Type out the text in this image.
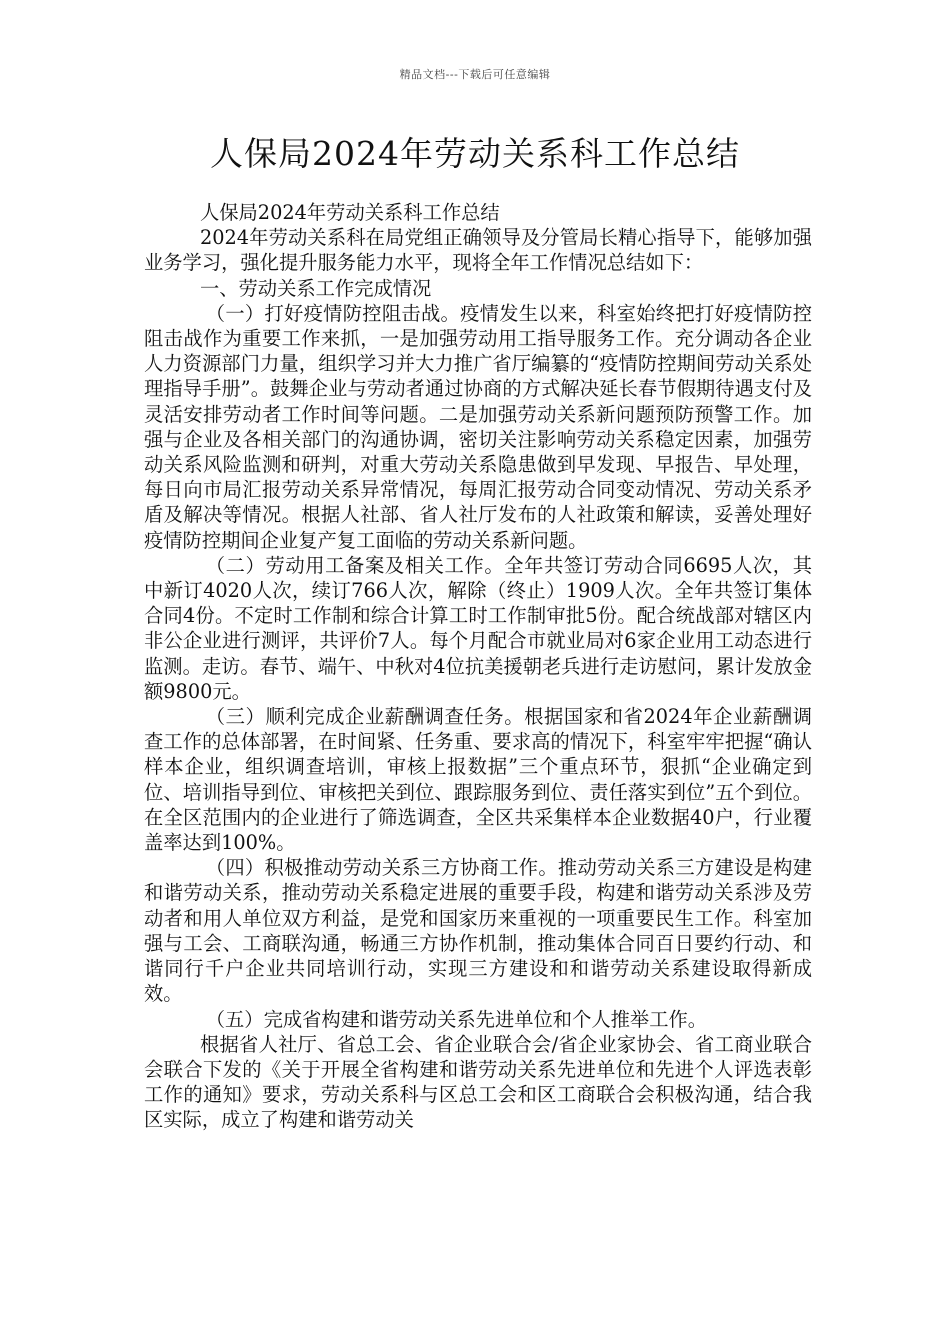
精品文档---下载后可任意编辑
人保局2024年劳动关系科工作总结

人保局2024年劳动关系科工作总结

2024年劳动关系科在局党组正确领导及分管局长精心指导下，能够加强业务学习，强化提升服务能力水平，现将全年工作情况总结如下：

一、劳动关系工作完成情况

（一）打好疫情防控阻击战。疫情发生以来，科室始终把打好疫情防控阻击战作为重要工作来抓，一是加强劳动用工指导服务工作。充分调动各企业人力资源部门力量，组织学习并大力推广省厅编纂的“疫情防控期间劳动关系处理指导手册”。鼓舞企业与劳动者通过协商的方式解决延长春节假期待遇支付及灵活安排劳动者工作时间等问题。二是加强劳动关系新问题预防预警工作。加强与企业及各相关部门的沟通协调，密切关注影响劳动关系稳定因素，加强劳动关系风险监测和研判，对重大劳动关系隐患做到早发现、早报告、早处理，每日向市局汇报劳动关系异常情况，每周汇报劳动合同变动情况、劳动关系矛盾及解决等情况。根据人社部、省人社厅发布的人社政策和解读，妥善处理好疫情防控期间企业复产复工面临的劳动关系新问题。

（二）劳动用工备案及相关工作。全年共签订劳动合同6695人次，其中新订4020人次，续订766人次，解除（终止）1909人次。全年共签订集体合同4份。不定时工作制和综合计算工时工作制审批5份。配合统战部对辖区内非公企业进行测评，共评价7人。每个月配合市就业局对6家企业用工动态进行监测。走访。春节、端午、中秋对4位抗美援朝老兵进行走访慰问，累计发放金额9800元。

（三）顺利完成企业薪酬调查任务。根据国家和省2024年企业薪酬调查工作的总体部署，在时间紧、任务重、要求高的情况下，科室牢牢把握“确认样本企业，组织调查培训，审核上报数据”三个重点环节，狠抓“企业确定到位、培训指导到位、审核把关到位、跟踪服务到位、责任落实到位”五个到位。在全区范围内的企业进行了筛选调查，全区共采集样本企业数据40户，行业覆盖率达到100%。

（四）积极推动劳动关系三方协商工作。推动劳动关系三方建设是构建和谐劳动关系，推动劳动关系稳定进展的重要手段，构建和谐劳动关系涉及劳动者和用人单位双方利益，是党和国家历来重视的一项重要民生工作。科室加强与工会、工商联沟通，畅通三方协作机制，推动集体合同百日要约行动、和谐同行千户企业共同培训行动，实现三方建设和和谐劳动关系建设取得新成效。

（五）完成省构建和谐劳动关系先进单位和个人推举工作。

根据省人社厅、省总工会、省企业联合会/省企业家协会、省工商业联合会联合下发的《关于开展全省构建和谐劳动关系先进单位和先进个人评选表彰工作的通知》要求，劳动关系科与区总工会和区工商联合会积极沟通，结合我区实际，成立了构建和谐劳动关
